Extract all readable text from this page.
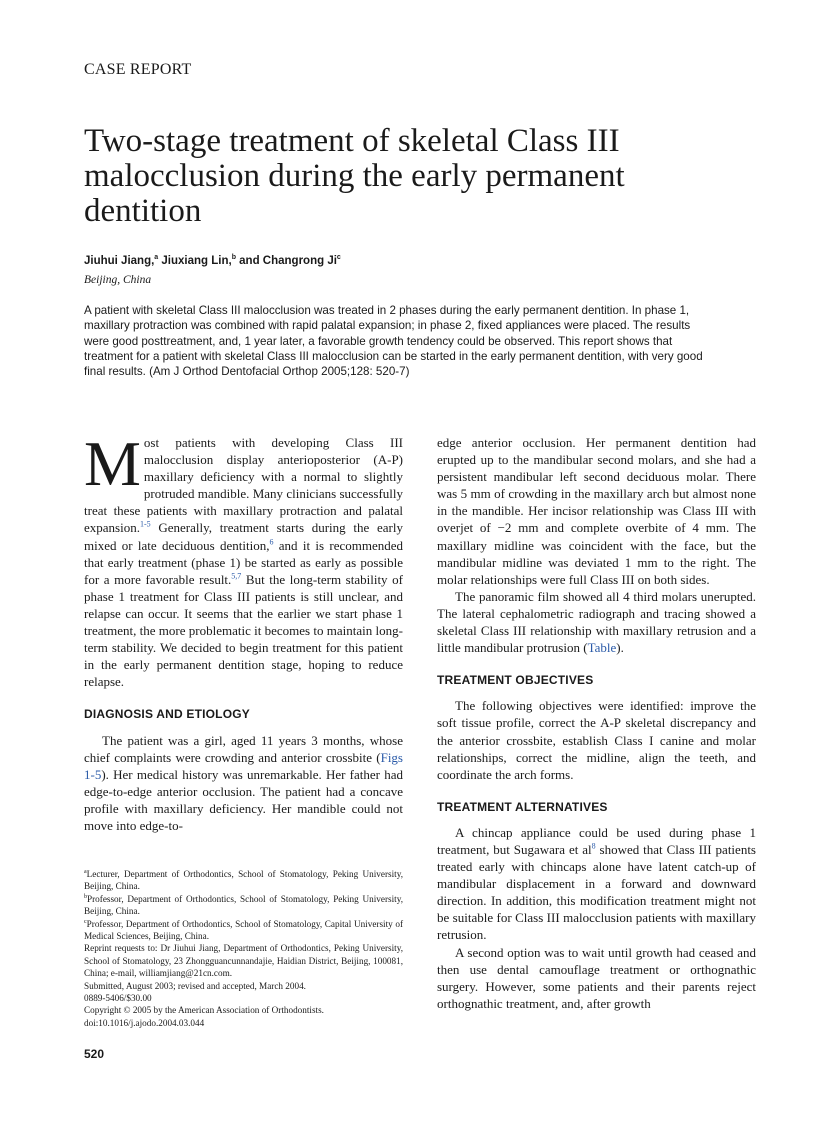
CASE REPORT
Two-stage treatment of skeletal Class III malocclusion during the early permanent dentition
Jiuhui Jiang,$^a$ Jiuxiang Lin,$^b$ and Changrong Ji$^c$
Beijing, China
A patient with skeletal Class III malocclusion was treated in 2 phases during the early permanent dentition. In phase 1, maxillary protraction was combined with rapid palatal expansion; in phase 2, fixed appliances were placed. The results were good posttreatment, and, 1 year later, a favorable growth tendency could be observed. This report shows that treatment for a patient with skeletal Class III malocclusion can be started in the early permanent dentition, with very good final results. (Am J Orthod Dentofacial Orthop 2005;128: 520-7)

Most patients with developing Class III malocclusion display anterioposterior (A-P) maxillary deficiency with a normal to slightly protruded mandible. Many clinicians successfully treat these patients with maxillary protraction and palatal expansion.$^{1-5}$ Generally, treatment starts during the early mixed or late deciduous dentition,$^6$ and it is recommended that early treatment (phase 1) be started as early as possible for a more favorable result.$^{5,7}$ But the long-term stability of phase 1 treatment for Class III patients is still unclear, and relapse can occur. It seems that the earlier we start phase 1 treatment, the more problematic it becomes to maintain long-term stability. We decided to begin treatment for this patient in the early permanent dentition stage, hoping to reduce relapse.

DIAGNOSIS AND ETIOLOGY

The patient was a girl, aged 11 years 3 months, whose chief complaints were crowding and anterior crossbite (Figs 1-5). Her medical history was unremarkable. Her father had edge-to-edge anterior occlusion. The patient had a concave profile with maxillary deficiency. Her mandible could not move into edge-to-

edge anterior occlusion. Her permanent dentition had erupted up to the mandibular second molars, and she had a persistent mandibular left second deciduous molar. There was 5 mm of crowding in the maxillary arch but almost none in the mandible. Her incisor relationship was Class III with overjet of −2 mm and complete overbite of 4 mm. The maxillary midline was coincident with the face, but the mandibular midline was deviated 1 mm to the right. The molar relationships were full Class III on both sides.

The panoramic film showed all 4 third molars unerupted. The lateral cephalometric radiograph and tracing showed a skeletal Class III relationship with maxillary retrusion and a little mandibular protrusion (Table).

TREATMENT OBJECTIVES

The following objectives were identified: improve the soft tissue profile, correct the A-P skeletal discrepancy and the anterior crossbite, establish Class I canine and molar relationships, correct the midline, align the teeth, and coordinate the arch forms.

TREATMENT ALTERNATIVES

A chincap appliance could be used during phase 1 treatment, but Sugawara et al$^8$ showed that Class III patients treated early with chincaps alone have latent catch-up of mandibular displacement in a forward and downward direction. In addition, this modification treatment might not be suitable for Class III malocclusion patients with maxillary retrusion.

A second option was to wait until growth had ceased and then use dental camouflage treatment or orthognathic surgery. However, some patients and their parents reject orthognathic treatment, and, after growth

$^a$Lecturer, Department of Orthodontics, School of Stomatology, Peking University, Beijing, China.

$^b$Professor, Department of Orthodontics, School of Stomatology, Peking University, Beijing, China.

$^c$Professor, Department of Orthodontics, School of Stomatology, Capital University of Medical Sciences, Beijing, China.

Reprint requests to: Dr Jiuhui Jiang, Department of Orthodontics, Peking University, School of Stomatology, 23 Zhongguancunnandajie, Haidian District, Beijing, 100081, China; e-mail, williamjiang@21cn.com.

Submitted, August 2003; revised and accepted, March 2004.

0889-5406/$30.00

Copyright © 2005 by the American Association of Orthodontists.

doi:10.1016/j.ajodo.2004.03.044

520
